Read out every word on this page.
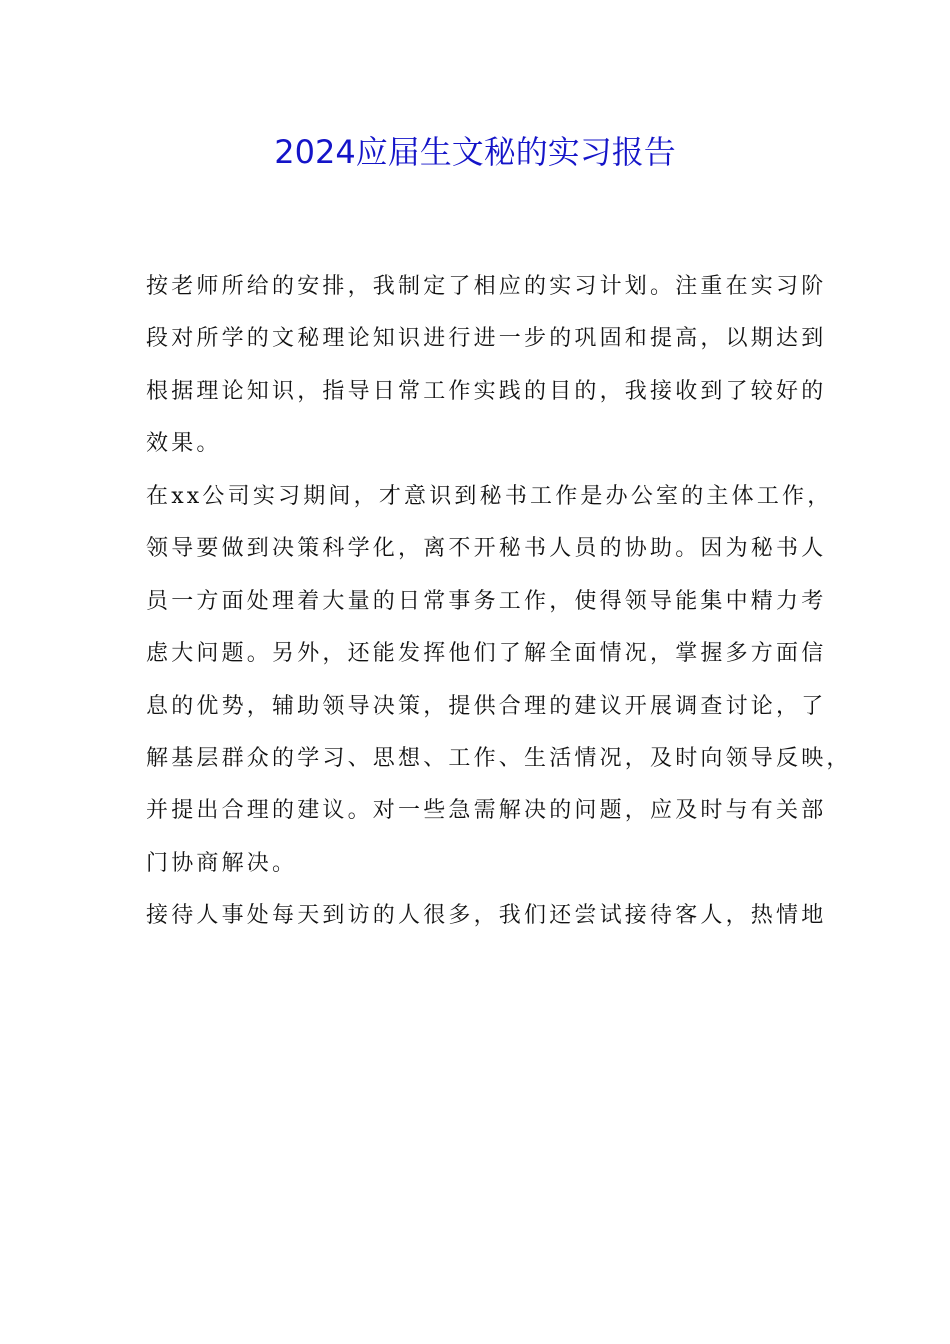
2024应届生文秘的实习报告
按老师所给的安排，我制定了相应的实习计划。注重在实习阶
段对所学的文秘理论知识进行进一步的巩固和提高，以期达到
根据理论知识，指导日常工作实践的目的，我接收到了较好的
效果。
在xx公司实习期间，才意识到秘书工作是办公室的主体工作，
领导要做到决策科学化，离不开秘书人员的协助。因为秘书人
员一方面处理着大量的日常事务工作，使得领导能集中精力考
虑大问题。另外，还能发挥他们了解全面情况，掌握多方面信
息的优势，辅助领导决策，提供合理的建议开展调查讨论，了
解基层群众的学习、思想、工作、生活情况，及时向领导反映，
并提出合理的建议。对一些急需解决的问题，应及时与有关部
门协商解决。
接待人事处每天到访的人很多，我们还尝试接待客人，热情地
